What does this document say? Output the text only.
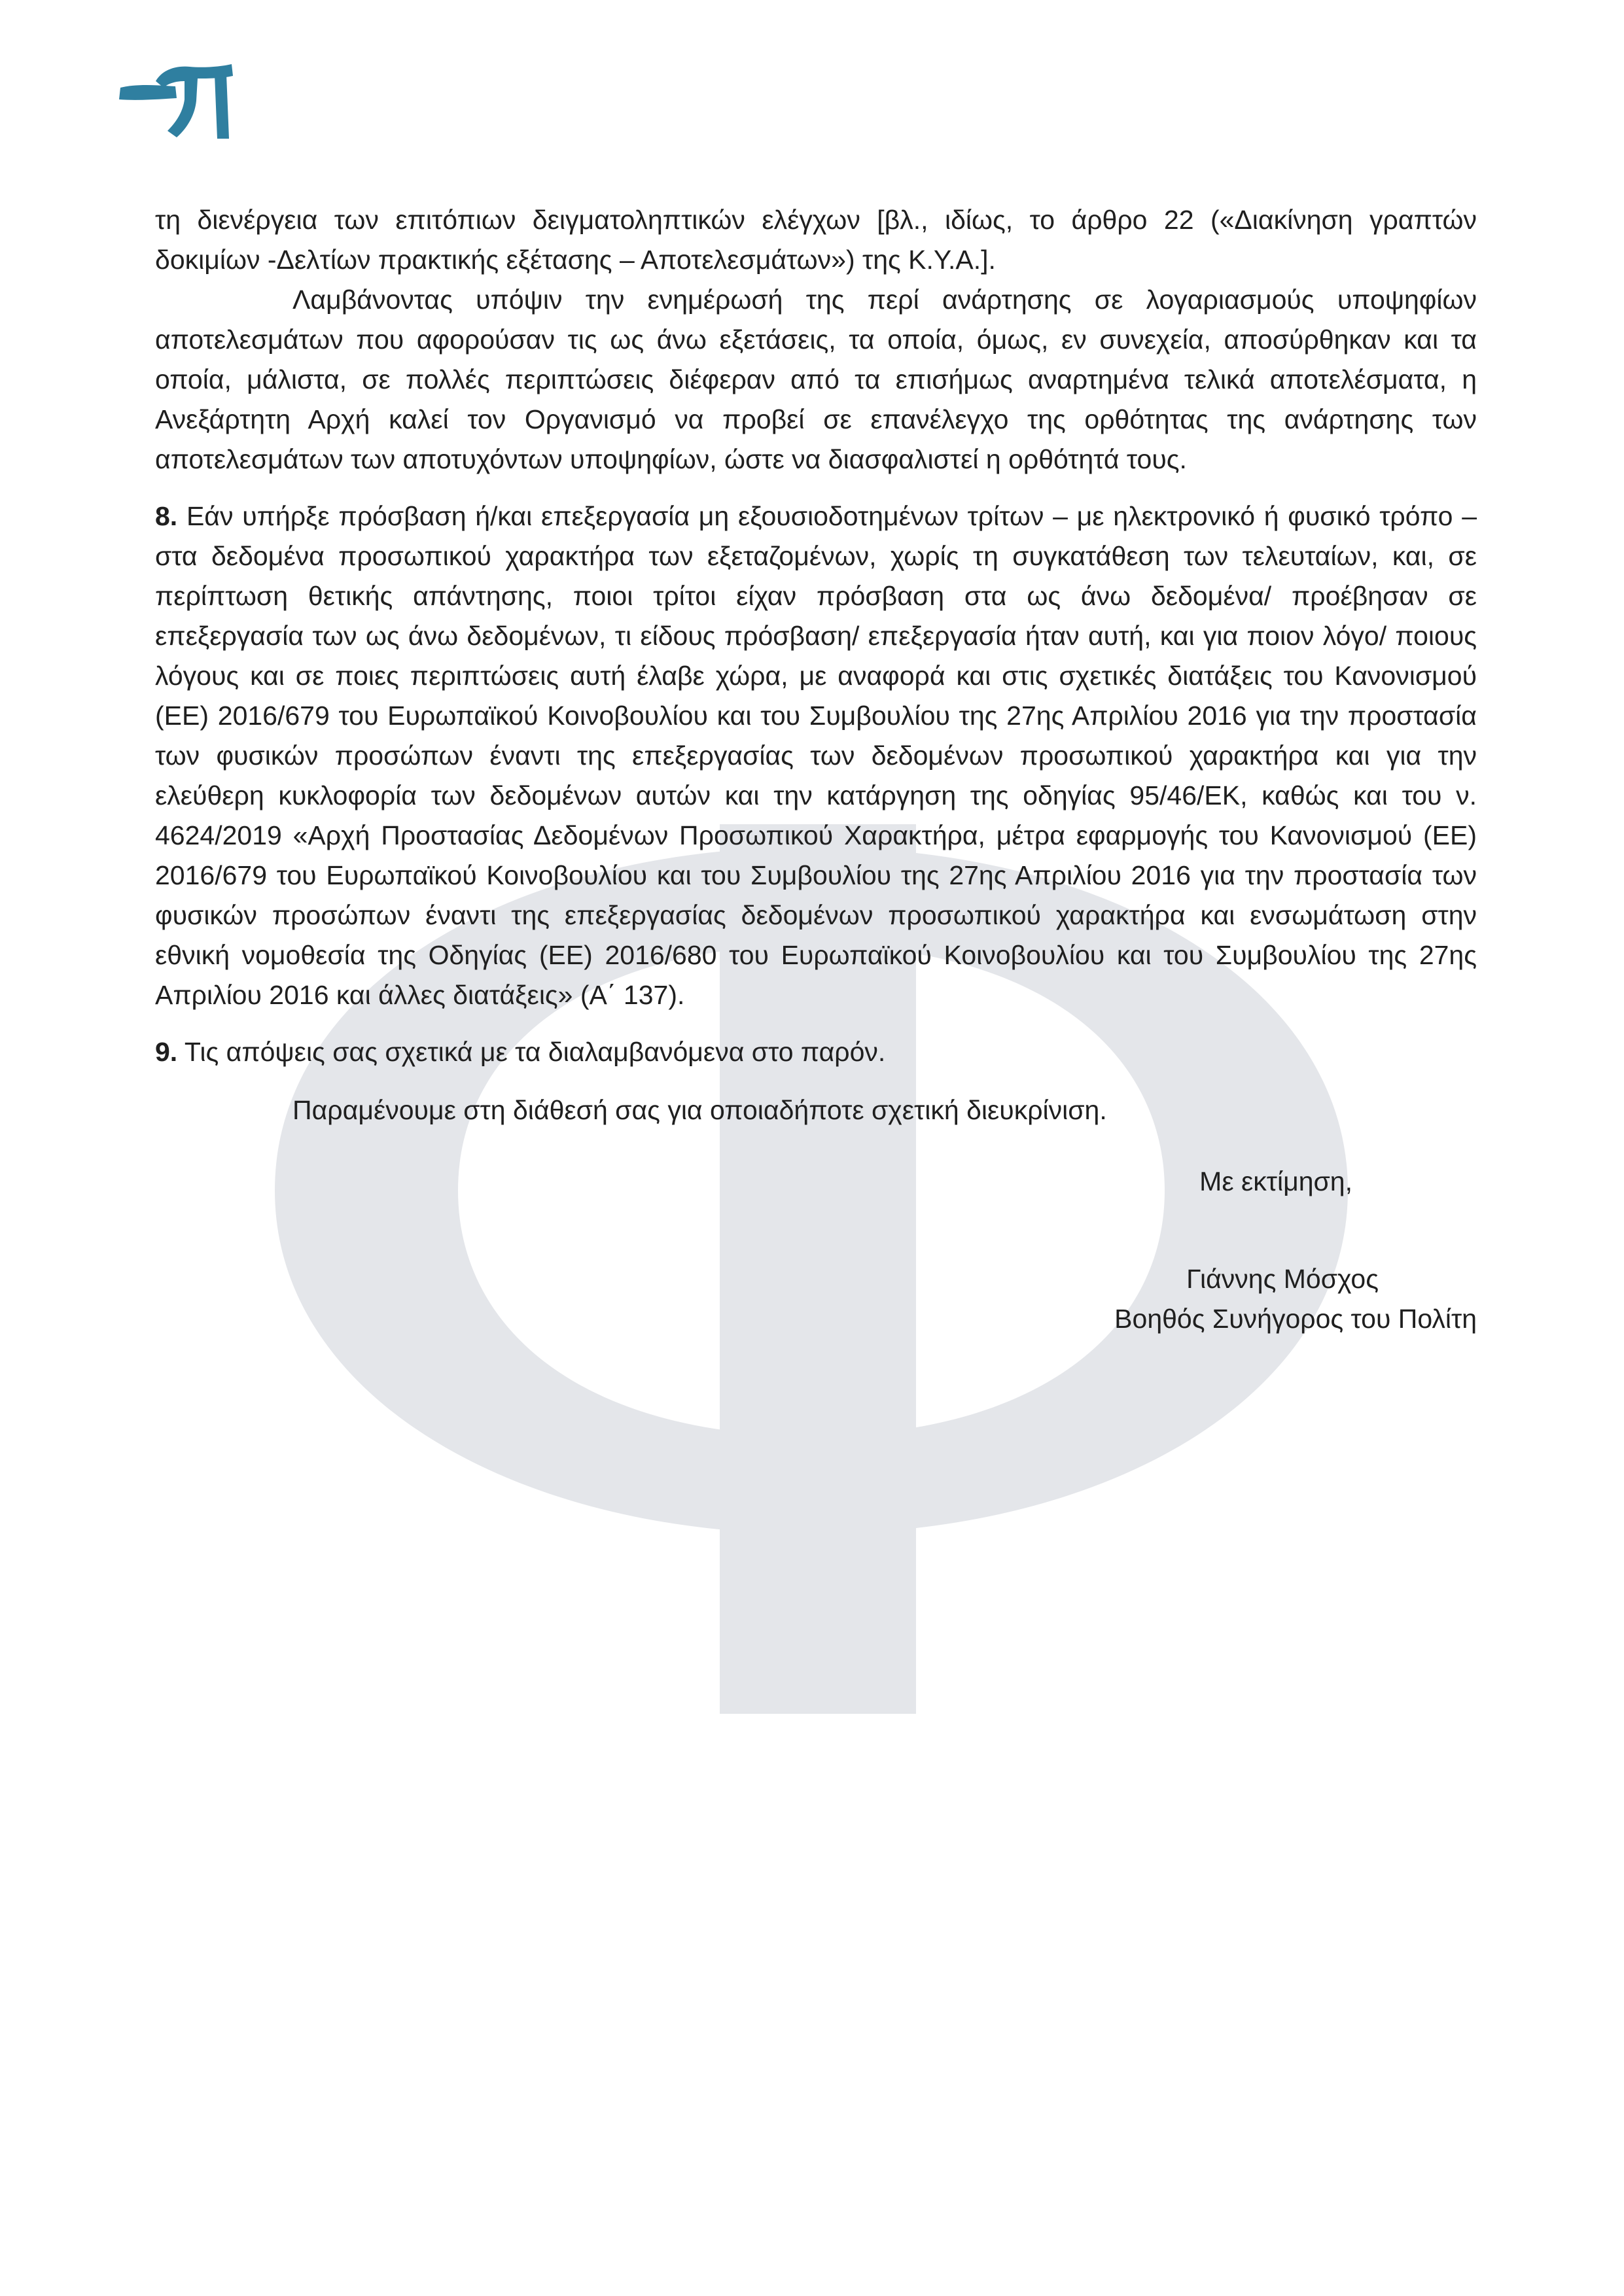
τη διενέργεια των επιτόπιων δειγματοληπτικών ελέγχων [βλ., ιδίως, το άρθρο 22 («Διακίνηση γραπτών δοκιμίων -Δελτίων πρακτικής εξέτασης – Αποτελεσμάτων») της Κ.Υ.Α.].

Λαμβάνοντας υπόψιν την ενημέρωσή της περί ανάρτησης σε λογαριασμούς υποψηφίων αποτελεσμάτων που αφορούσαν τις ως άνω εξετάσεις, τα οποία, όμως, εν συνεχεία, αποσύρθηκαν και τα οποία, μάλιστα, σε πολλές περιπτώσεις διέφεραν από τα επισήμως αναρτημένα τελικά αποτελέσματα, η Ανεξάρτητη Αρχή καλεί τον Οργανισμό να προβεί σε επανέλεγχο της ορθότητας της ανάρτησης των αποτελεσμάτων των αποτυχόντων υποψηφίων, ώστε να διασφαλιστεί η ορθότητά τους.

8. Εάν υπήρξε πρόσβαση ή/και επεξεργασία μη εξουσιοδοτημένων τρίτων – με ηλεκτρονικό ή φυσικό τρόπο – στα δεδομένα προσωπικού χαρακτήρα των εξεταζομένων, χωρίς τη συγκατάθεση των τελευταίων, και, σε περίπτωση θετικής απάντησης, ποιοι τρίτοι είχαν πρόσβαση στα ως άνω δεδομένα/ προέβησαν σε επεξεργασία των ως άνω δεδομένων, τι είδους πρόσβαση/ επεξεργασία ήταν αυτή, και για ποιον λόγο/ ποιους λόγους και σε ποιες περιπτώσεις αυτή έλαβε χώρα, με αναφορά και στις σχετικές διατάξεις του Κανονισμού (ΕΕ) 2016/679 του Ευρωπαϊκού Κοινοβουλίου και του Συμβουλίου της 27ης Απριλίου 2016 για την προστασία των φυσικών προσώπων έναντι της επεξεργασίας των δεδομένων προσωπικού χαρακτήρα και για την ελεύθερη κυκλοφορία των δεδομένων αυτών και την κατάργηση της οδηγίας 95/46/ΕΚ, καθώς και του ν. 4624/2019 «Αρχή Προστασίας Δεδομένων Προσωπικού Χαρακτήρα, μέτρα εφαρμογής του Κανονισμού (ΕΕ) 2016/679 του Ευρωπαϊκού Κοινοβουλίου και του Συμβουλίου της 27ης Απριλίου 2016 για την προστασία των φυσικών προσώπων έναντι της επεξεργασίας δεδομένων προσωπικού χαρακτήρα και ενσωμάτωση στην εθνική νομοθεσία της Οδηγίας (ΕΕ) 2016/680 του Ευρωπαϊκού Κοινοβουλίου και του Συμβουλίου της 27ης Απριλίου 2016 και άλλες διατάξεις» (Α΄ 137).

9. Τις απόψεις σας σχετικά με τα διαλαμβανόμενα στο παρόν.

Παραμένουμε στη διάθεσή σας για οποιαδήποτε σχετική διευκρίνιση.

Με εκτίμηση,

Γιάννης Μόσχος

Βοηθός Συνήγορος του Πολίτη
